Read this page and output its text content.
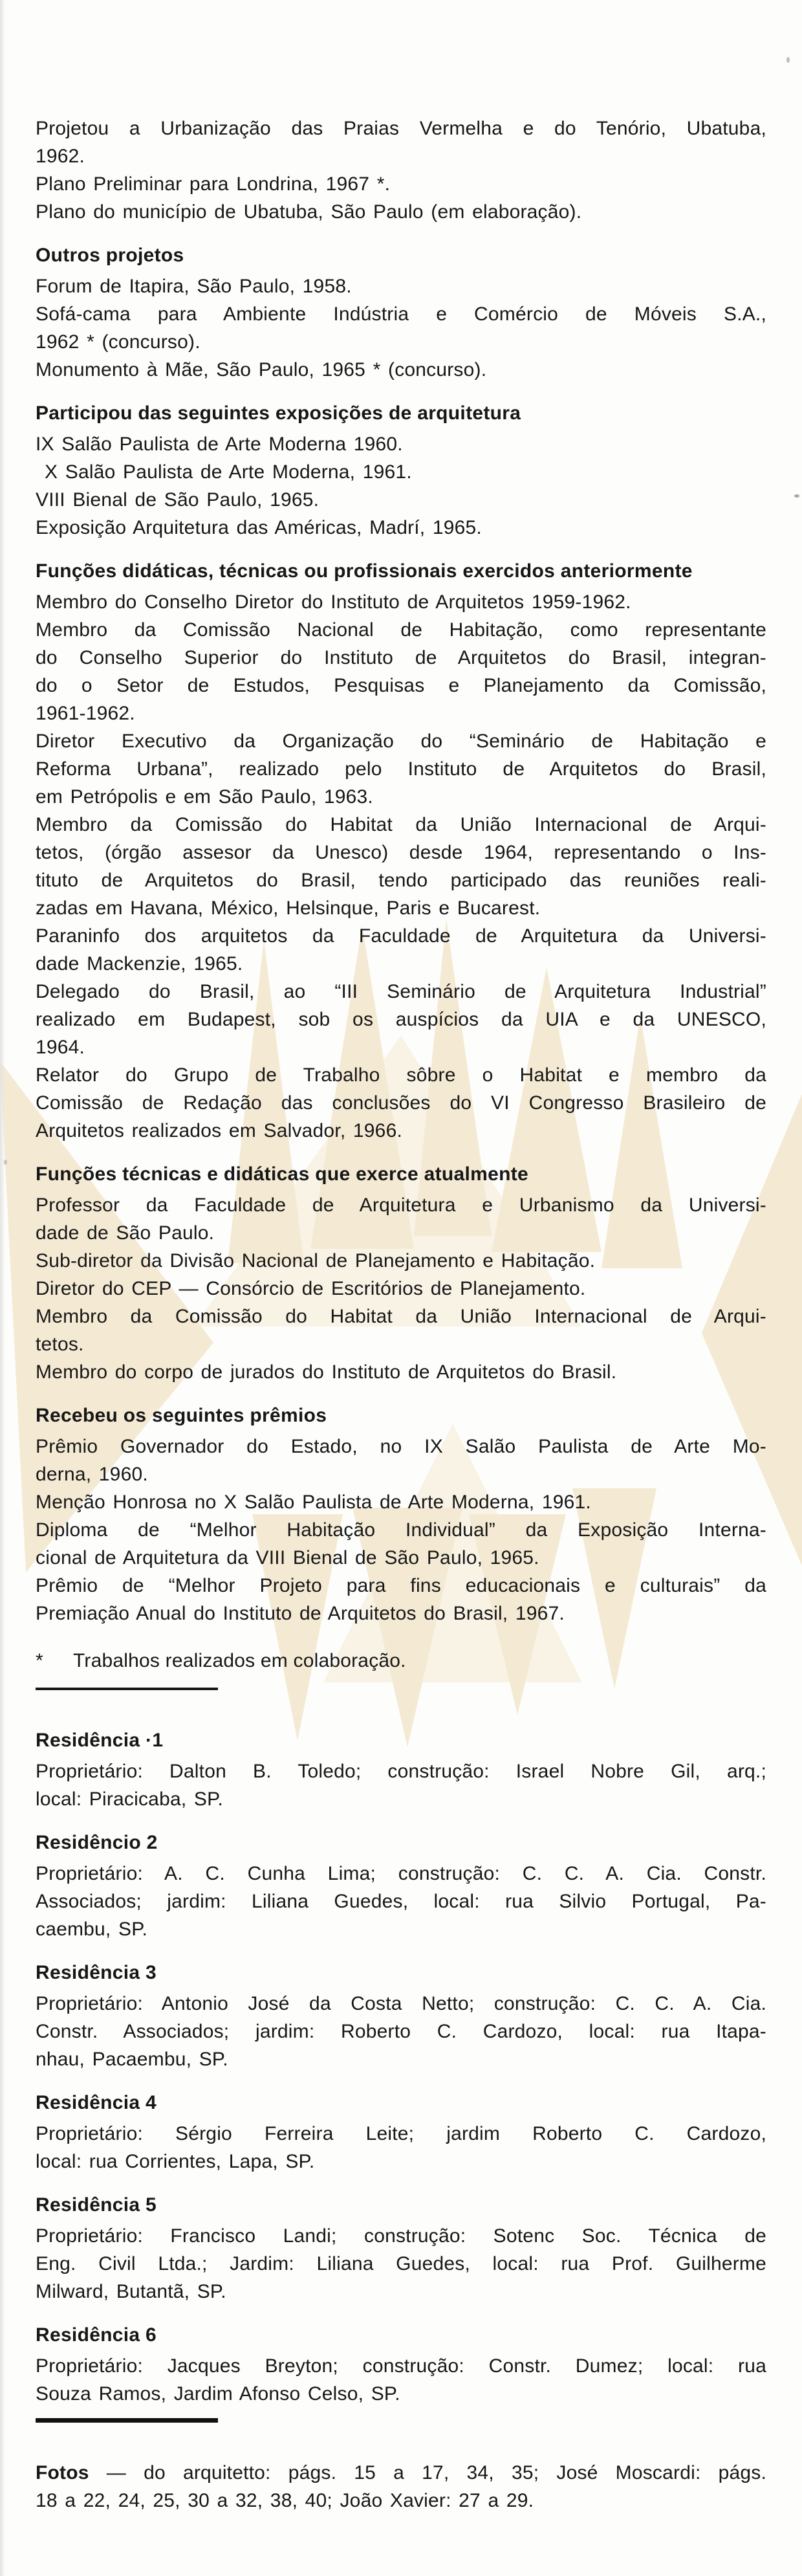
Projetou a Urbanização das Praias Vermelha e do Tenório, Ubatuba,
1962.
Plano Preliminar para Londrina, 1967 *.
Plano do município de Ubatuba, São Paulo (em elaboração).
Outros projetos
Forum de Itapira, São Paulo, 1958.
Sofá-cama para Ambiente Indústria e Comércio de Móveis S.A.,
1962 * (concurso).
Monumento à Mãe, São Paulo, 1965 * (concurso).
Participou das seguintes exposições de arquitetura
IX Salão Paulista de Arte Moderna 1960.
X Salão Paulista de Arte Moderna, 1961.
VIII Bienal de São Paulo, 1965.
Exposição Arquitetura das Américas, Madrí, 1965.
Funções didáticas, técnicas ou profissionais exercidos anteriormente
Membro do Conselho Diretor do Instituto de Arquitetos 1959-1962.
Membro da Comissão Nacional de Habitação, como representante
do Conselho Superior do Instituto de Arquitetos do Brasil, integran-
do o Setor de Estudos, Pesquisas e Planejamento da Comissão,
1961-1962.
Diretor Executivo da Organização do “Seminário de Habitação e
Reforma Urbana”, realizado pelo Instituto de Arquitetos do Brasil,
em Petrópolis e em São Paulo, 1963.
Membro da Comissão do Habitat da União Internacional de Arqui-
tetos, (órgão assesor da Unesco) desde 1964, representando o Ins-
tituto de Arquitetos do Brasil, tendo participado das reuniões reali-
zadas em Havana, México, Helsinque, Paris e Bucarest.
Paraninfo dos arquitetos da Faculdade de Arquitetura da Universi-
dade Mackenzie, 1965.
Delegado do Brasil, ao “III Seminário de Arquitetura Industrial”
realizado em Budapest, sob os auspícios da UIA e da UNESCO,
1964.
Relator do Grupo de Trabalho sôbre o Habitat e membro da
Comissão de Redação das conclusões do VI Congresso Brasileiro de
Arquitetos realizados em Salvador, 1966.
Funções técnicas e didáticas que exerce atualmente
Professor da Faculdade de Arquitetura e Urbanismo da Universi-
dade de São Paulo.
Sub-diretor da Divisão Nacional de Planejamento e Habitação.
Diretor do CEP — Consórcio de Escritórios de Planejamento.
Membro da Comissão do Habitat da União Internacional de Arqui-
tetos.
Membro do corpo de jurados do Instituto de Arquitetos do Brasil.
Recebeu os seguintes prêmios
Prêmio Governador do Estado, no IX Salão Paulista de Arte Mo-
derna, 1960.
Menção Honrosa no X Salão Paulista de Arte Moderna, 1961.
Diploma de “Melhor Habitação Individual” da Exposição Interna-
cional de Arquitetura da VIII Bienal de São Paulo, 1965.
Prêmio de “Melhor Projeto para fins educacionais e culturais” da
Premiação Anual do Instituto de Arquitetos do Brasil, 1967.
*	Trabalhos realizados em colaboração.
Residência ·1
Proprietário: Dalton B. Toledo; construção: Israel Nobre Gil, arq.;
local: Piracicaba, SP.
Residêncio 2
Proprietário: A. C. Cunha Lima; construção: C. C. A. Cia. Constr.
Associados; jardim: Liliana Guedes, local: rua Silvio Portugal, Pa-
caembu, SP.
Residência 3
Proprietário: Antonio José da Costa Netto; construção: C. C. A. Cia.
Constr. Associados; jardim: Roberto C. Cardozo, local: rua Itapa-
nhau, Pacaembu, SP.
Residência 4
Proprietário: Sérgio Ferreira Leite; jardim Roberto C. Cardozo,
local: rua Corrientes, Lapa, SP.
Residência 5
Proprietário: Francisco Landi; construção: Sotenc Soc. Técnica de
Eng. Civil Ltda.; Jardim: Liliana Guedes, local: rua Prof. Guilherme
Milward, Butantã, SP.
Residência 6
Proprietário: Jacques Breyton; construção: Constr. Dumez; local: rua
Souza Ramos, Jardim Afonso Celso, SP.
Fotos — do arquitetto: págs. 15 a 17, 34, 35; José Moscardi: págs.
18 a 22, 24, 25, 30 a 32, 38, 40; João Xavier: 27 a 29.
